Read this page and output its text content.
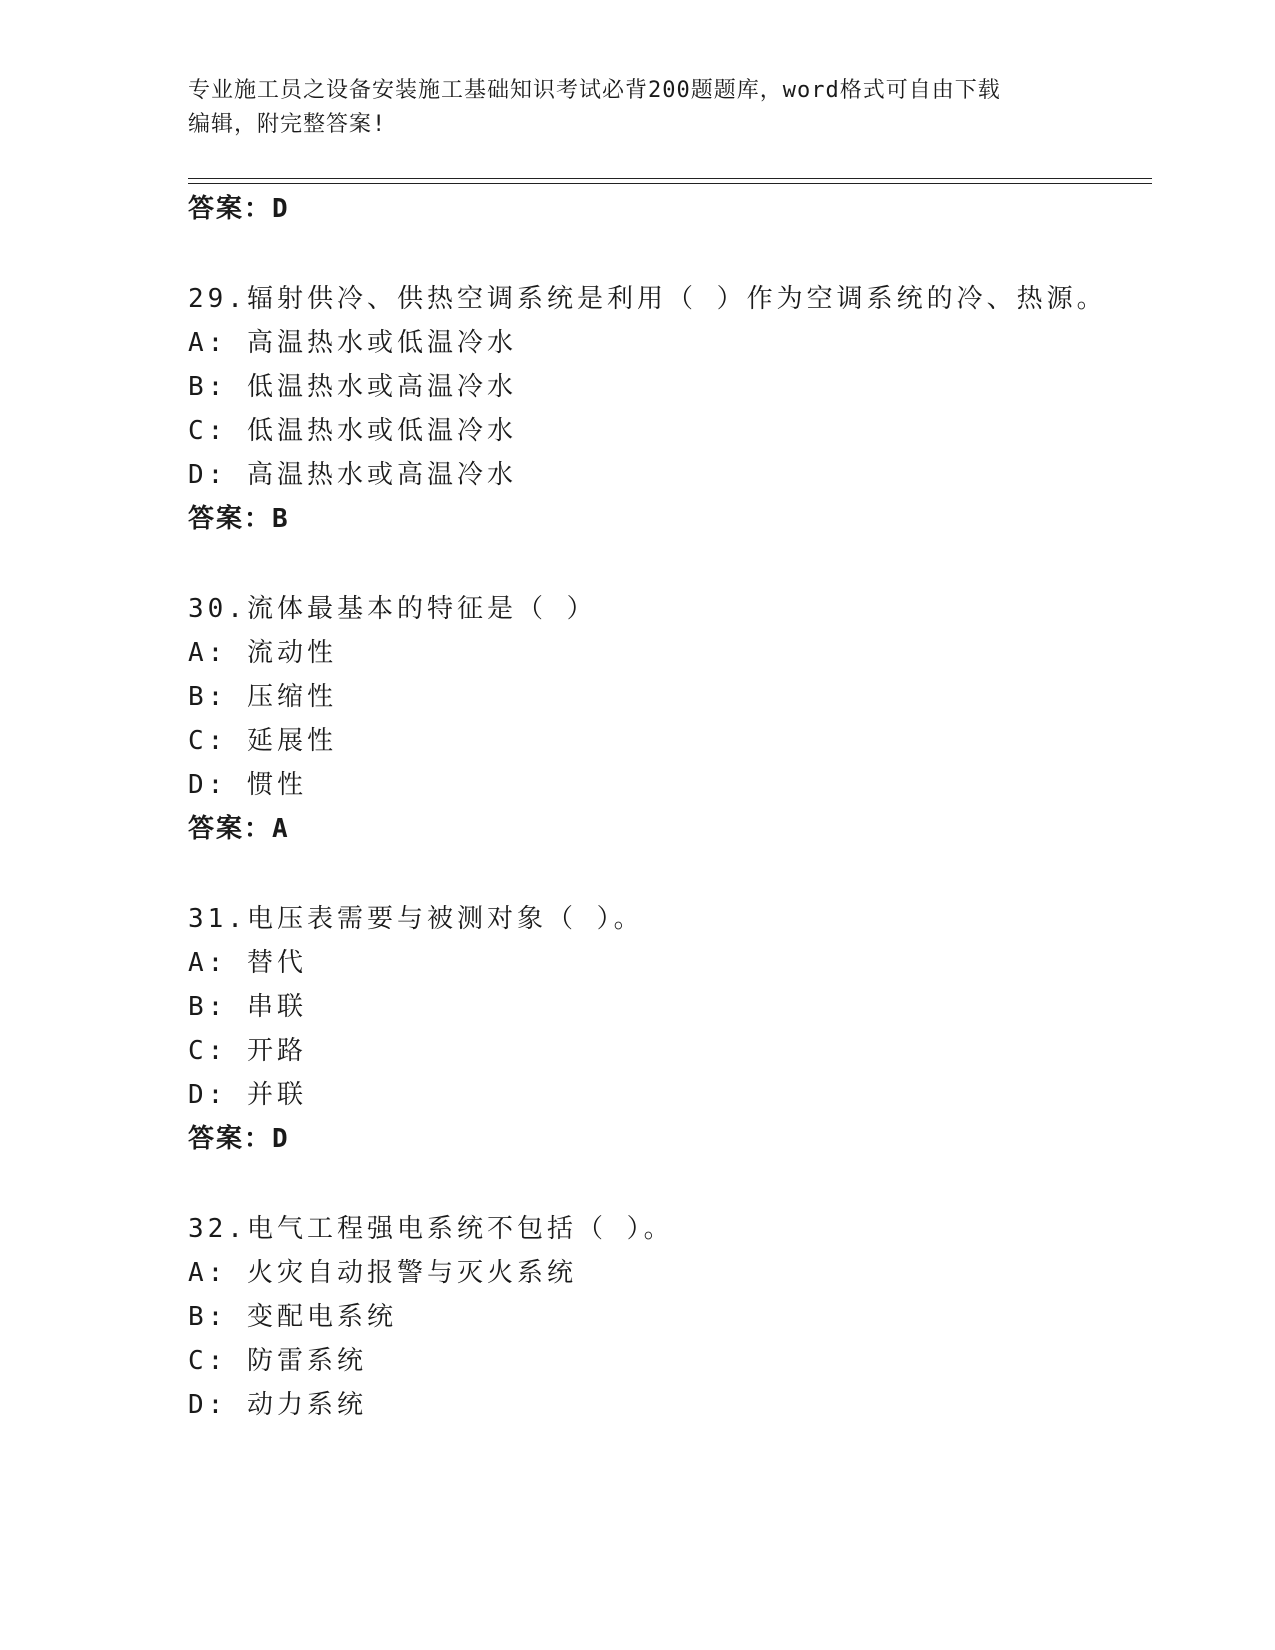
专业施工员之设备安装施工基础知识考试必背200题题库，word格式可自由下载
编辑，附完整答案!
答案：D
29.辐射供冷、供热空调系统是利用（ ）作为空调系统的冷、热源。
A: 高温热水或低温冷水
B: 低温热水或高温冷水
C: 低温热水或低温冷水
D: 高温热水或高温冷水
答案：B
30.流体最基本的特征是（ ）
A: 流动性
B: 压缩性
C: 延展性
D: 惯性
答案：A
31.电压表需要与被测对象（ ）。
A: 替代
B: 串联
C: 开路
D: 并联
答案：D
32.电气工程强电系统不包括（ ）。
A: 火灾自动报警与灭火系统
B: 变配电系统
C: 防雷系统
D: 动力系统
